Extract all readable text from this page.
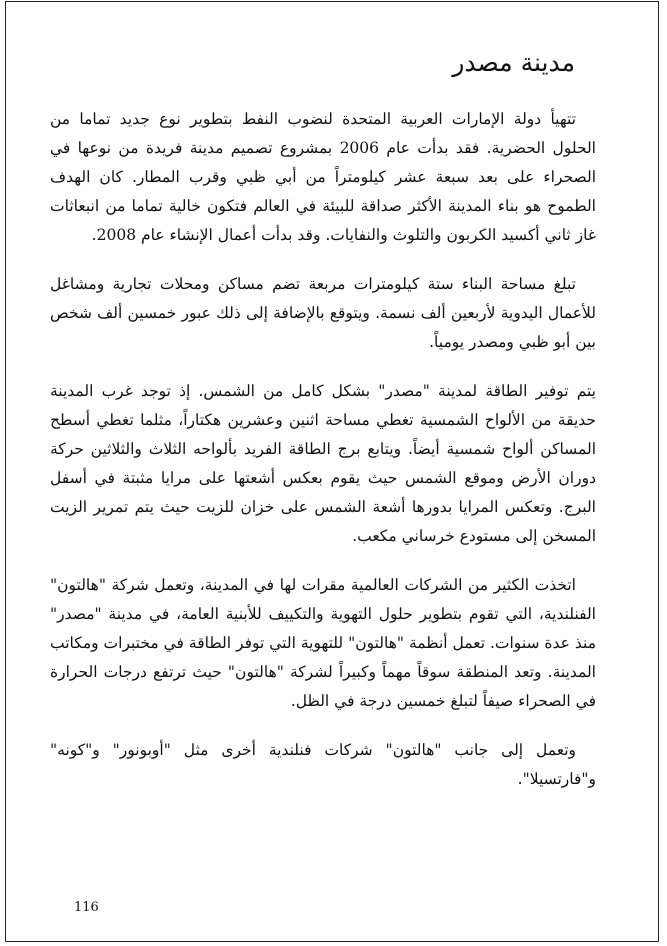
مدينة مصدر

تتهيأ دولة الإمارات العربية المتحدة لنضوب النفط بتطوير نوع جديد تماما من الحلول الحضرية. فقد بدأت عام 2006 بمشروع تصميم مدينة فريدة من نوعها في الصحراء على بعد سبعة عشر كيلومتراً من أبي ظبي وقرب المطار. كان الهدف الطموح هو بناء المدينة الأكثر صداقة للبيئة في العالم فتكون خالية تماما من انبعاثات غاز ثاني أكسيد الكربون والتلوث والنفايات. وقد بدأت أعمال الإنشاء عام 2008.

تبلغ مساحة البناء ستة كيلومترات مربعة تضم مساكن ومحلات تجارية ومشاغل للأعمال اليدوية لأربعين ألف نسمة. ويتوقع بالإضافة إلى ذلك عبور خمسين ألف شخص بين أبو ظبي ومصدر يومياً.

يتم توفير الطاقة لمدينة "مصدر" بشكل كامل من الشمس. إذ توجد غرب المدينة حديقة من الألواح الشمسية تغطي مساحة اثنين وعشرين هكتاراً، مثلما تغطي أسطح المساكن ألواح شمسية أيضاً. ويتابع برج الطاقة الفريد بألواحه الثلاث والثلاثين حركة دوران الأرض وموقع الشمس حيث يقوم بعكس أشعتها على مرايا مثبتة في أسفل البرج. وتعكس المرايا بدورها أشعة الشمس على خزان للزيت حيث يتم تمرير الزيت المسخن إلى مستودع خرساني مكعب.

اتخذت الكثير من الشركات العالمية مقرات لها في المدينة، وتعمل شركة "هالتون" الفنلندية، التي تقوم بتطوير حلول التهوية والتكييف للأبنية العامة، في مدينة "مصدر" منذ عدة سنوات. تعمل أنظمة "هالتون" للتهوية التي توفر الطاقة في مختبرات ومكاتب المدينة. وتعد المنطقة سوقاً مهماً وكبيراً لشركة "هالتون" حيث ترتفع درجات الحرارة في الصحراء صيفاً لتبلغ خمسين درجة في الظل.

وتعمل إلى جانب "هالتون" شركات فنلندية أخرى مثل "أوبونور" و"كونه" و"فارتسيلا".

116
